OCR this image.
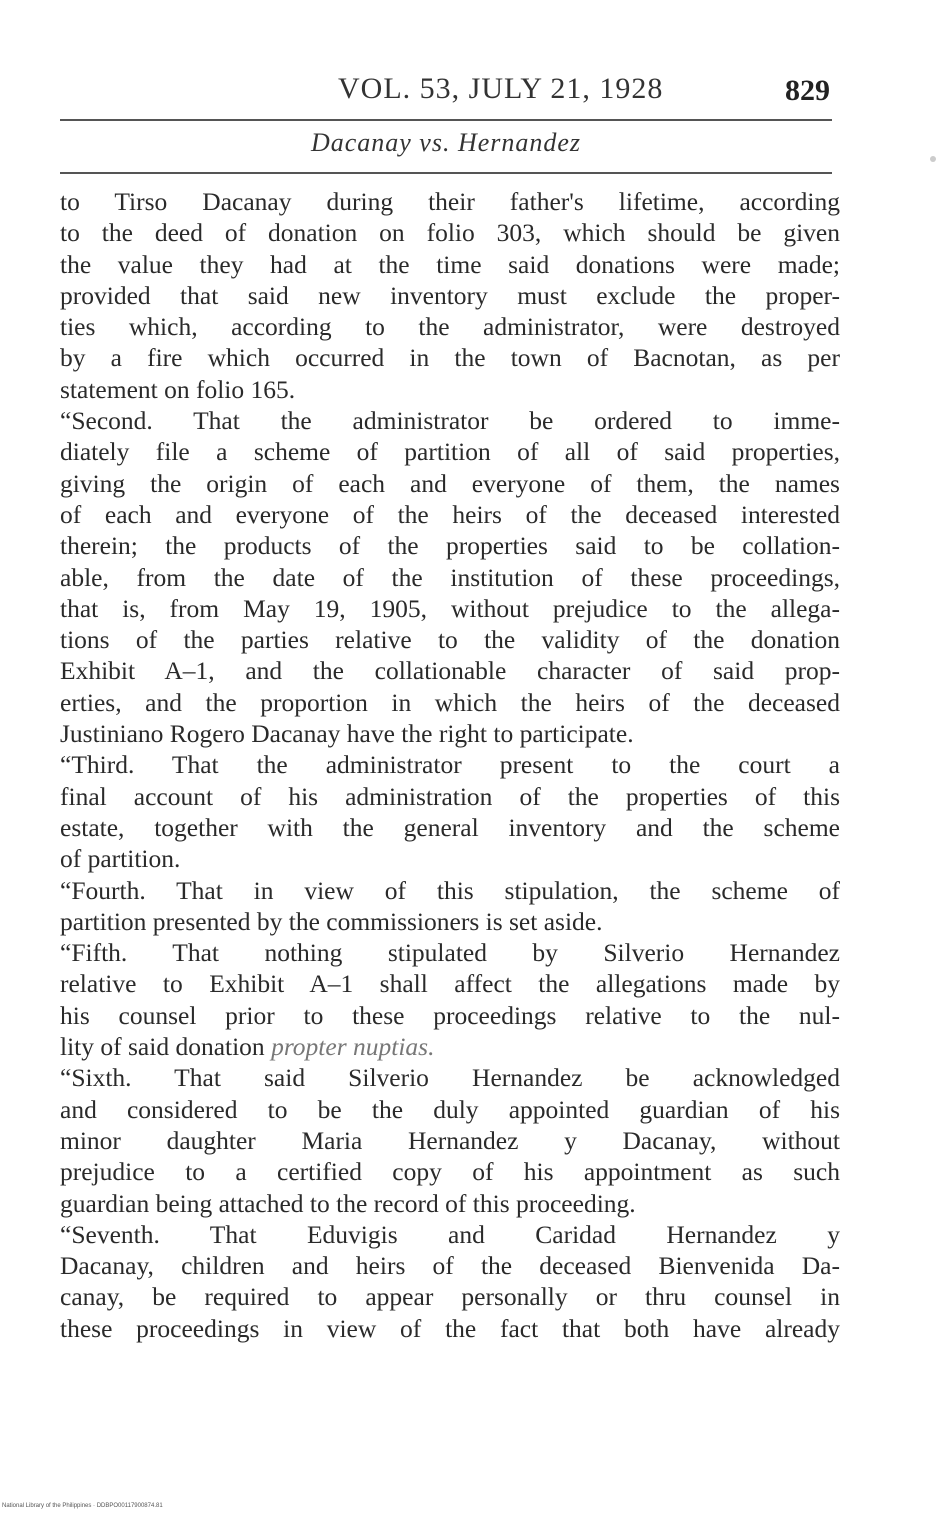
VOL. 53, JULY 21, 1928	829
Dacanay vs. Hernandez
to Tirso Dacanay during their father's lifetime, according
to the deed of donation on folio 303, which should be given
the value they had at the time said donations were made;
provided that said new inventory must exclude the proper-
ties which, according to the administrator, were destroyed
by a fire which occurred in the town of Bacnotan, as per
statement on folio 165.
“Second. That the administrator be ordered to imme-
diately file a scheme of partition of all of said properties,
giving the origin of each and everyone of them, the names
of each and everyone of the heirs of the deceased interested
therein; the products of the properties said to be collation-
able, from the date of the institution of these proceedings,
that is, from May 19, 1905, without prejudice to the allega-
tions of the parties relative to the validity of the donation
Exhibit A–1, and the collationable character of said prop-
erties, and the proportion in which the heirs of the deceased
Justiniano Rogero Dacanay have the right to participate.
“Third. That the administrator present to the court a
final account of his administration of the properties of this
estate, together with the general inventory and the scheme
of partition.
“Fourth. That in view of this stipulation, the scheme of
partition presented by the commissioners is set aside.
“Fifth. That nothing stipulated by Silverio Hernandez
relative to Exhibit A–1 shall affect the allegations made by
his counsel prior to these proceedings relative to the nul-
lity of said donation propter nuptias.
“Sixth. That said Silverio Hernandez be acknowledged
and considered to be the duly appointed guardian of his
minor daughter Maria Hernandez y Dacanay, without
prejudice to a certified copy of his appointment as such
guardian being attached to the record of this proceeding.
“Seventh. That Eduvigis and Caridad Hernandez y
Dacanay, children and heirs of the deceased Bienvenida Da-
canay, be required to appear personally or thru counsel in
these proceedings in view of the fact that both have already
National Library of the Philippines · DDBPO00117900874.81
